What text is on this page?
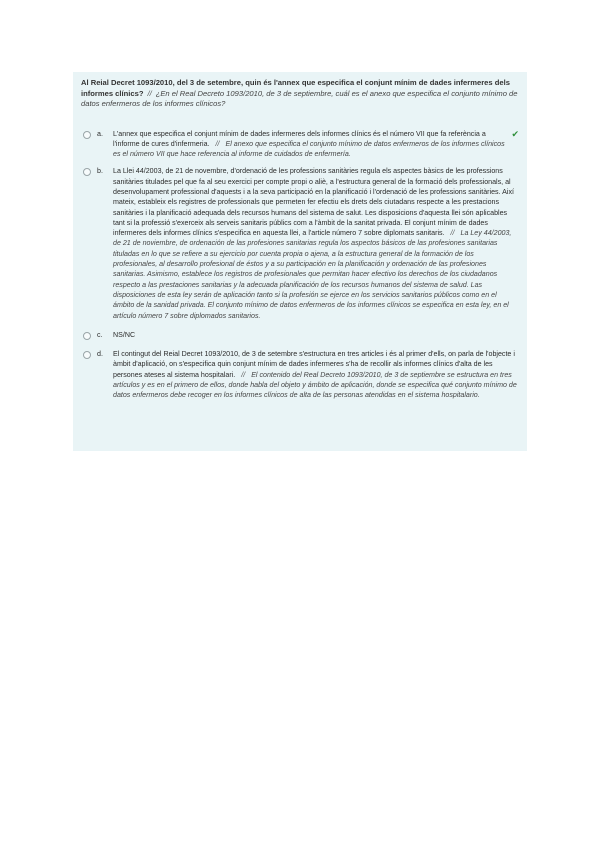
Al Reial Decret 1093/2010, del 3 de setembre, quin és l'annex que especifica el conjunt mínim de dades infermeres dels informes clínics? // ¿En el Real Decreto 1093/2010, de 3 de septiembre, cuál es el anexo que especifica el conjunto mínimo de datos enfermeros de los informes clínicos?
a.	L'annex que especifica el conjunt mínim de dades infermeres dels informes clínics és el número VII que fa referència a l'informe de cures d'infermeria. // El anexo que especifica el conjunto mínimo de datos enfermeros de los informes clínicos es el número VII que hace referencia al informe de cuidados de enfermería.
✔
b.	La Llei 44/2003, de 21 de novembre, d'ordenació de les professions sanitàries regula els aspectes bàsics de les professions sanitàries titulades pel que fa al seu exercici per compte propi o aliè, a l'estructura general de la formació dels professionals, al desenvolupament professional d'aquests i a la seva participació en la planificació i l'ordenació de les professions sanitàries. Així mateix, estableix els registres de professionals que permeten fer efectiu els drets dels ciutadans respecte a les prestacions sanitàries i la planificació adequada dels recursos humans del sistema de salut. Les disposicions d'aquesta llei són aplicables tant si la professió s'exerceix als serveis sanitaris públics com a l'àmbit de la sanitat privada. El conjunt mínim de dades infermeres dels informes clínics s'especifica en aquesta llei, a l'article número 7 sobre diplomats sanitaris. // La Ley 44/2003, de 21 de noviembre, de ordenación de las profesiones sanitarias regula los aspectos básicos de las profesiones sanitarias tituladas en lo que se refiere a su ejercicio por cuenta propia o ajena, a la estructura general de la formación de los profesionales, al desarrollo profesional de éstos y a su participación en la planificación y ordenación de las profesiones sanitarias. Asimismo, establece los registros de profesionales que permitan hacer efectivo los derechos de los ciudadanos respecto a las prestaciones sanitarias y la adecuada planificación de los recursos humanos del sistema de salud. Las disposiciones de esta ley serán de aplicación tanto si la profesión se ejerce en los servicios sanitarios públicos como en el ámbito de la sanidad privada. El conjunto mínimo de datos enfermeros de los informes clínicos se especifica en esta ley, en el artículo número 7 sobre diplomados sanitarios.
c.	NS/NC
d.	El contingut del Reial Decret 1093/2010, de 3 de setembre s'estructura en tres articles i és al primer d'ells, on parla de l'objecte i àmbit d'aplicació, on s'especifica quin conjunt mínim de dades infermeres s'ha de recollir als informes clínics d'alta de les persones ateses al sistema hospitalari. // El contenido del Real Decreto 1093/2010, de 3 de septiembre se estructura en tres artículos y es en el primero de ellos, donde habla del objeto y ámbito de aplicación, donde se especifica qué conjunto mínimo de datos enfermeros debe recoger en los informes clínicos de alta de las personas atendidas en el sistema hospitalario.
